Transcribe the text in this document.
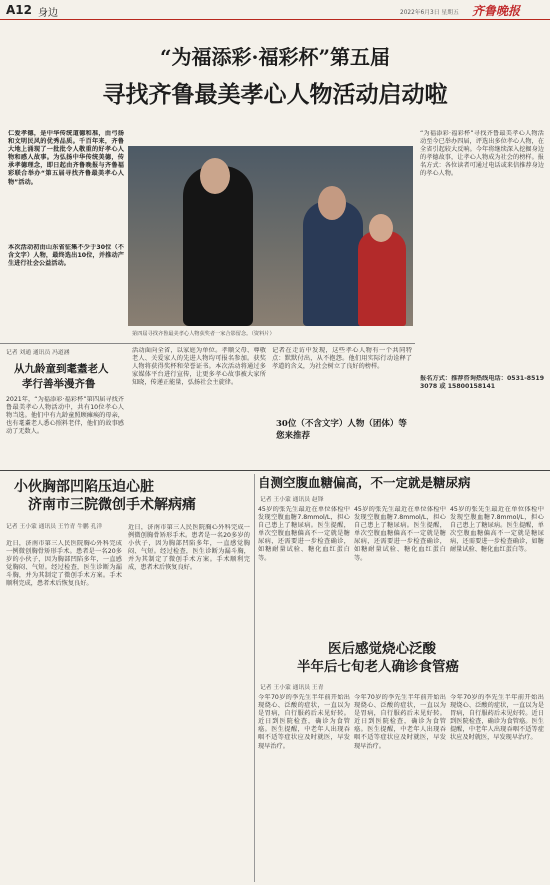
A12 身边	2022年6月3日 星期五 齐鲁晚报
“为福添彩·福彩杯”第五届
寻找齐鲁最美孝心人物活动启动啦
仁爱孝德，是中华传统道德和准，由弓扬和文明民风的优秀品质。千百年来，齐鲁大地上涌现了一批批令人敬重的好孝心人物和感人故事。为弘扬中华传统美德，传承孝德理念，即日起由齐鲁晚报与齐鲁福彩联合举办“第五届寻找齐鲁最美孝心人物”活动。
本次活动初由山东省征集不少于30位（不含文字）人物，最终选出10位，并推动产生进行社会公益活动。
第四届寻找齐鲁最美孝心人物获奖者一家合影留念。（资料片）
“为福添彩·福彩杯”寻找齐鲁最美孝心人物活动至今已举办四届，评选出多位孝心人物，在全省引起较大反响。今年将继续深入挖掘身边的孝德故事，让孝心人物成为社会的榜样。报名方式：各位读者可通过电话或来信推荐身边的孝心人物。
报名方式：推荐咨询热线电话：0531-85193078 或 15800158141
记者 刘通 通讯员 冯道涵
从九龄童到耄耋老人
孝行善举漫齐鲁
2021年，“为福添彩·福彩杯”第四届寻找齐鲁最美孝心人物活动中，共有10位孝心人物当选。他们中有九龄童照顾瘫痪的母亲，也有耄耋老人悉心照料老伴，他们的故事感动了无数人。
活动面向全省，以家庭为单位。孝顺父母、尊敬老人、关爱家人的先进人物均可报名参加。获奖人物将获得奖杯和荣誉证书。本次活动将通过多家媒体平台进行宣传，让更多孝心故事被大家所知晓，传递正能量，弘扬社会主旋律。
记者在走访中发现，这些孝心人物有一个共同特点：默默付出，从不抱怨。他们用实际行动诠释了孝道的含义，为社会树立了良好的榜样。
30位（不含文字）人物（团体）等您来推荐
小伙胸部凹陷压迫心脏
济南市三院微创手术解病痛
记者 王小蒙 通讯员 王竹青 牛鹏 孔洋
近日，济南市第三人民医院胸心外科完成一例微创胸骨矫形手术。患者是一名20多岁的小伙子，因为胸部凹陷多年，一直感觉胸闷、气短。经过检查，医生诊断为漏斗胸，并为其制定了微创手术方案。手术顺利完成，患者术后恢复良好。
近日，济南市第三人民医院胸心外科完成一例微创胸骨矫形手术。患者是一名20多岁的小伙子，因为胸部凹陷多年，一直感觉胸闷、气短。经过检查，医生诊断为漏斗胸，并为其制定了微创手术方案。手术顺利完成，患者术后恢复良好。
自测空腹血糖偏高，不一定就是糖尿病
记者 王小蒙 通讯员 赵锋
45岁的张先生最近在单位体检中发现空腹血糖7.8mmol/L，担心自己患上了糖尿病。医生提醒，单次空腹血糖偏高不一定就是糖尿病，还需要进一步检查确诊，如糖耐量试验、糖化血红蛋白等。
45岁的张先生最近在单位体检中发现空腹血糖7.8mmol/L，担心自己患上了糖尿病。医生提醒，单次空腹血糖偏高不一定就是糖尿病，还需要进一步检查确诊，如糖耐量试验、糖化血红蛋白等。
45岁的张先生最近在单位体检中发现空腹血糖7.8mmol/L，担心自己患上了糖尿病。医生提醒，单次空腹血糖偏高不一定就是糖尿病，还需要进一步检查确诊，如糖耐量试验、糖化血红蛋白等。
医后感觉烧心泛酸
半年后七旬老人确诊食管癌
记者 王小蒙 通讯员 王青
今年70岁的李先生半年前开始出现烧心、泛酸的症状，一直以为是胃病，自行服药后未见好转。近日到医院检查，确诊为食管癌。医生提醒，中老年人出现吞咽不适等症状应及时就医，早发现早治疗。
今年70岁的李先生半年前开始出现烧心、泛酸的症状，一直以为是胃病，自行服药后未见好转。近日到医院检查，确诊为食管癌。医生提醒，中老年人出现吞咽不适等症状应及时就医，早发现早治疗。
今年70岁的李先生半年前开始出现烧心、泛酸的症状，一直以为是胃病，自行服药后未见好转。近日到医院检查，确诊为食管癌。医生提醒，中老年人出现吞咽不适等症状应及时就医，早发现早治疗。
